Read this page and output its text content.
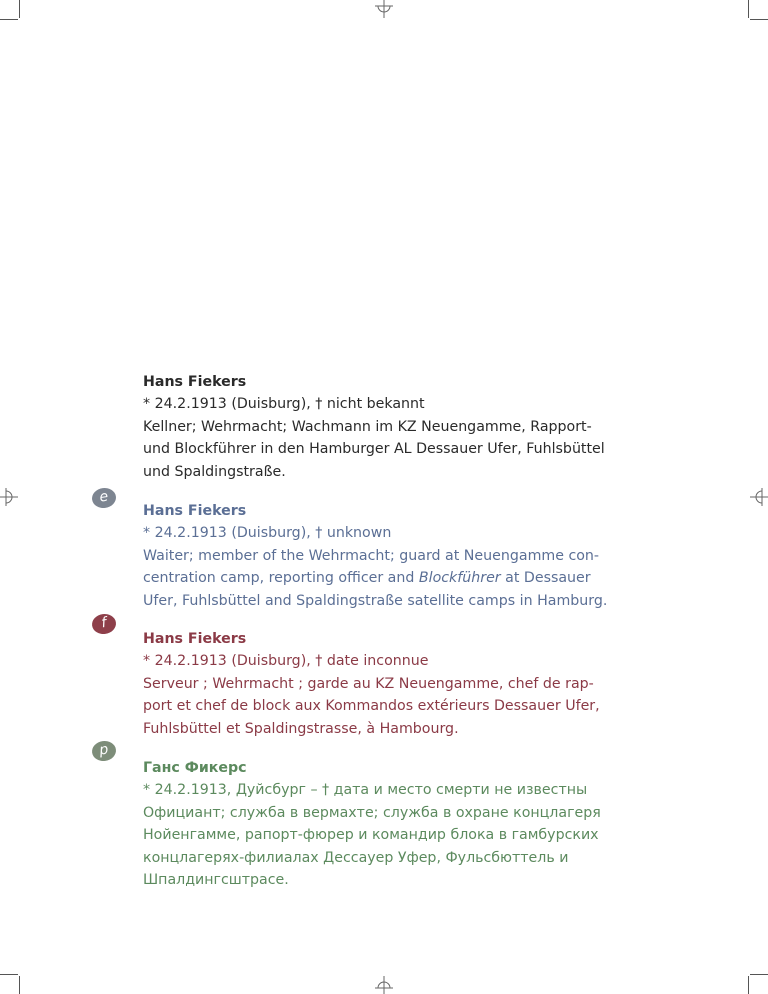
Hans Fiekers
* 24.2.1913 (Duisburg), † nicht bekannt
Kellner; Wehrmacht; Wachmann im KZ Neuengamme, Rapport-
und Blockführer in den Hamburger AL Dessauer Ufer, Fuhlsbüttel
und Spaldingstraße.
e
Hans Fiekers
* 24.2.1913 (Duisburg), † unknown
Waiter; member of the Wehrmacht; guard at Neuengamme con-
centration camp, reporting officer and Blockführer at Dessauer
Ufer, Fuhlsbüttel and Spaldingstraße satellite camps in Hamburg.
f
Hans Fiekers
* 24.2.1913 (Duisburg), † date inconnue
Serveur ; Wehrmacht ; garde au KZ Neuengamme, chef de rap-
port et chef de block aux Kommandos extérieurs Dessauer Ufer,
Fuhlsbüttel et Spaldingstrasse, à Hambourg.
p
Ганс Фикерс
* 24.2.1913, Дуйсбург – † дата и место смерти не известны
Официант; служба в вермахте; служба в охране концлагеря
Нойенгамме, рапорт-фюрер и командир блока в гамбурских
концлагерях-филиалах Дессауер Уфер, Фульсбюттель и
Шпалдингсштрасе.
